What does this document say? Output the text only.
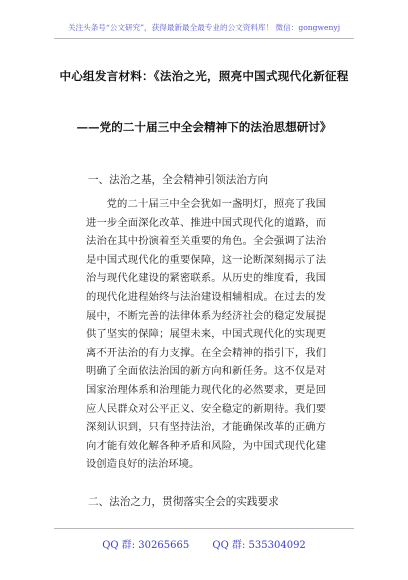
关注头条号“公文研究”，获得最新最全最专业的公文资料库！ 微信：gongwenyj
中心组发言材料：《法治之光，照亮中国式现代化新征程
——党的二十届三中全会精神下的法治思想研讨》
一、法治之基，全会精神引领法治方向

党的二十届三中全会犹如一盏明灯，照亮了我国进一步全面深化改革、推进中国式现代化的道路，而法治在其中扮演着至关重要的角色。全会强调了法治是中国式现代化的重要保障，这一论断深刻揭示了法治与现代化建设的紧密联系。从历史的维度看，我国的现代化进程始终与法治建设相辅相成。在过去的发展中，不断完善的法律体系为经济社会的稳定发展提供了坚实的保障；展望未来，中国式现代化的实现更离不开法治的有力支撑。在全会精神的指引下，我们明确了全面依法治国的新方向和新任务。这不仅是对国家治理体系和治理能力现代化的必然要求，更是回应人民群众对公平正义、安全稳定的新期待。我们要深刻认识到，只有坚持法治，才能确保改革的正确方向才能有效化解各种矛盾和风险，为中国式现代化建设创造良好的法治环境。

二、法治之力，贯彻落实全会的实践要求
QQ 群: 30265665 QQ 群: 535304092
